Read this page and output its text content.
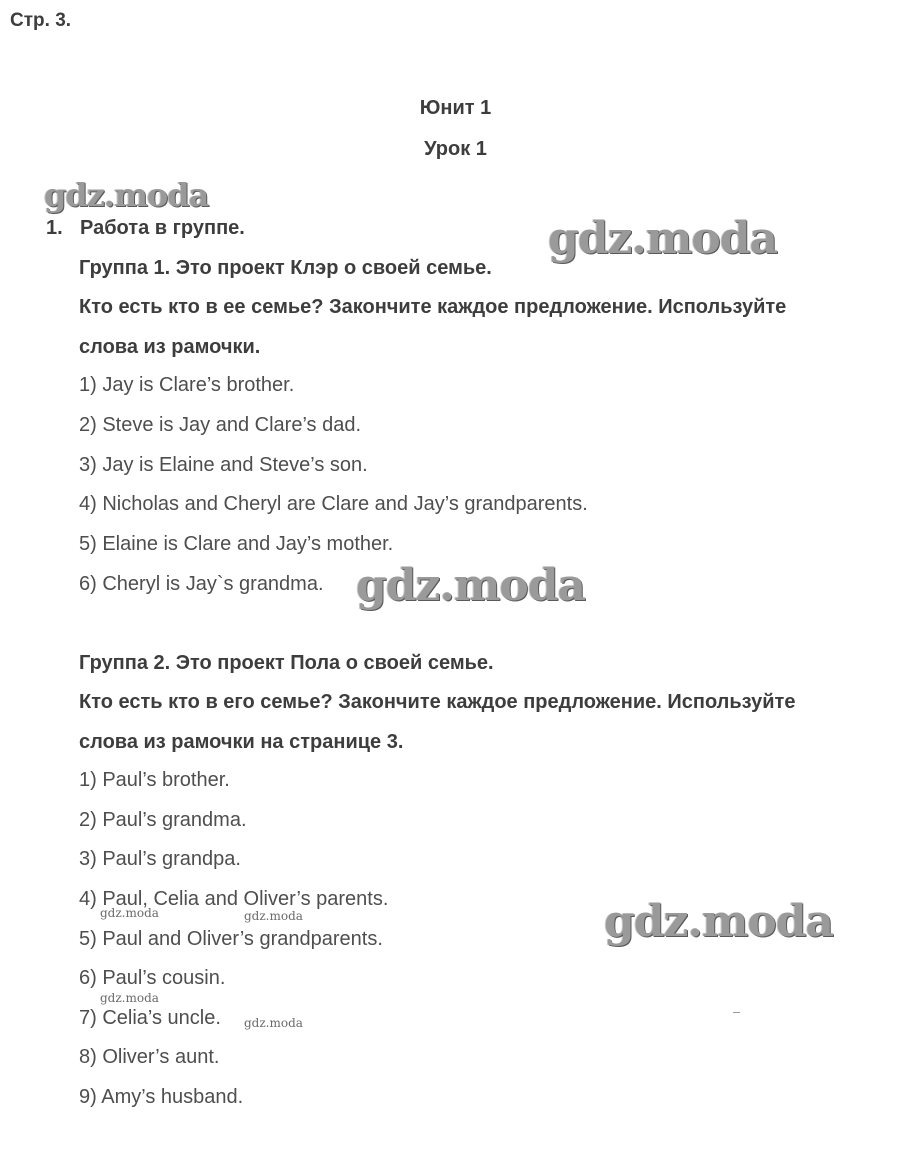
Стр. 3.
Юнит 1
Урок 1
1. Работа в группе.
Группа 1. Это проект Клэр о своей семье.
Кто есть кто в ее семье? Закончите каждое предложение. Используйте
слова из рамочки.
1) Jay is Clare’s brother.
2) Steve is Jay and Clare’s dad.
3) Jay is Elaine and Steve’s son.
4) Nicholas and Cheryl are Clare and Jay’s grandparents.
5) Elaine is Clare and Jay’s mother.
6) Cheryl is Jay`s grandma.
Группа 2. Это проект Пола о своей семье.
Кто есть кто в его семье? Закончите каждое предложение. Используйте
слова из рамочки на странице 3.
1) Paul’s brother.
2) Paul’s grandma.
3) Paul’s grandpa.
4) Paul, Celia and Oliver’s parents.
5) Paul and Oliver’s grandparents.
6) Paul’s cousin.
7) Celia’s uncle.
8) Oliver’s aunt.
9) Amy’s husband.
gdz.moda
gdz.moda
gdz.moda
gdz.moda
gdz.moda	gdz.moda
gdz.moda
gdz.moda
